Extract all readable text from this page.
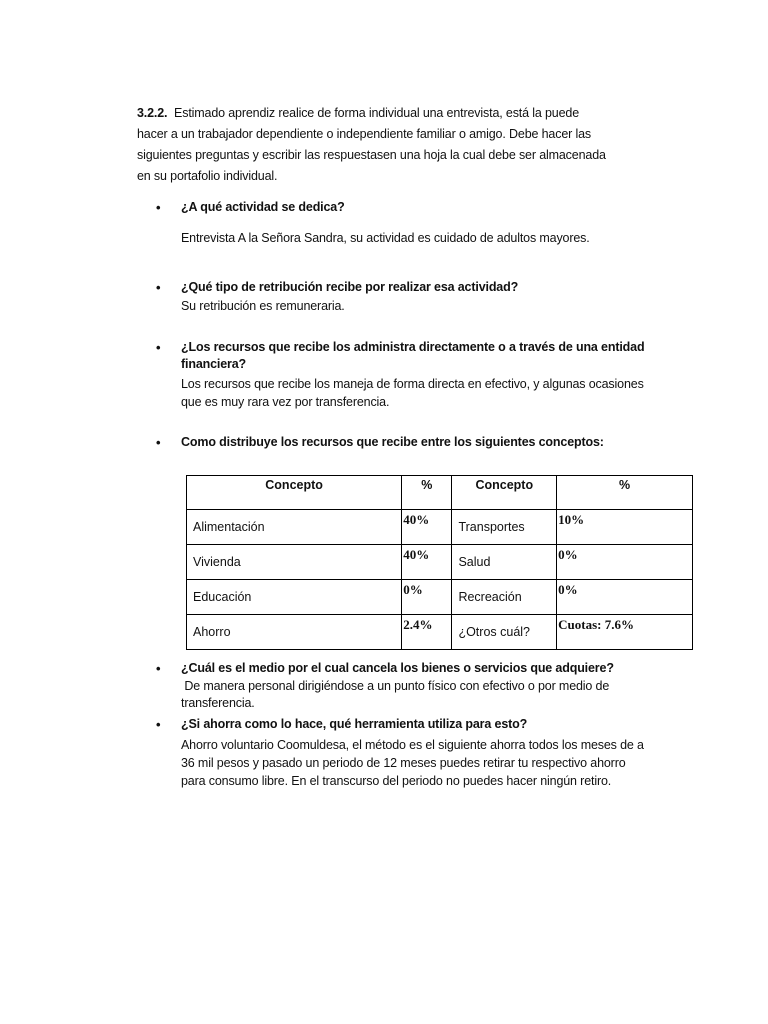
3.2.2. Estimado aprendiz realice de forma individual una entrevista, está la puede
hacer a un trabajador dependiente o independiente familiar o amigo. Debe hacer las
siguientes preguntas y escribir las respuestasen una hoja la cual debe ser almacenada
en su portafolio individual.
• ¿A qué actividad se dedica?
Entrevista A la Señora Sandra, su actividad es cuidado de adultos mayores.
• ¿Qué tipo de retribución recibe por realizar esa actividad?
Su retribución es remuneraria.
• ¿Los recursos que recibe los administra directamente o a través de una entidad
financiera?
Los recursos que recibe los maneja de forma directa en efectivo, y algunas ocasiones
que es muy rara vez por transferencia.
• Como distribuye los recursos que recibe entre los siguientes conceptos:
Concepto	%	Concepto	%
Alimentación	40%	Transportes	10%
Vivienda	40%	Salud	0%
Educación	0%	Recreación	0%
Ahorro	2.4%	¿Otros cuál?	Cuotas: 7.6%
• ¿Cuál es el medio por el cual cancela los bienes o servicios que adquiere?
De manera personal dirigiéndose a un punto físico con efectivo o por medio de
transferencia.
• ¿Si ahorra como lo hace, qué herramienta utiliza para esto?
Ahorro voluntario Coomuldesa, el método es el siguiente ahorra todos los meses de a
36 mil pesos y pasado un periodo de 12 meses puedes retirar tu respectivo ahorro
para consumo libre. En el transcurso del periodo no puedes hacer ningún retiro.
